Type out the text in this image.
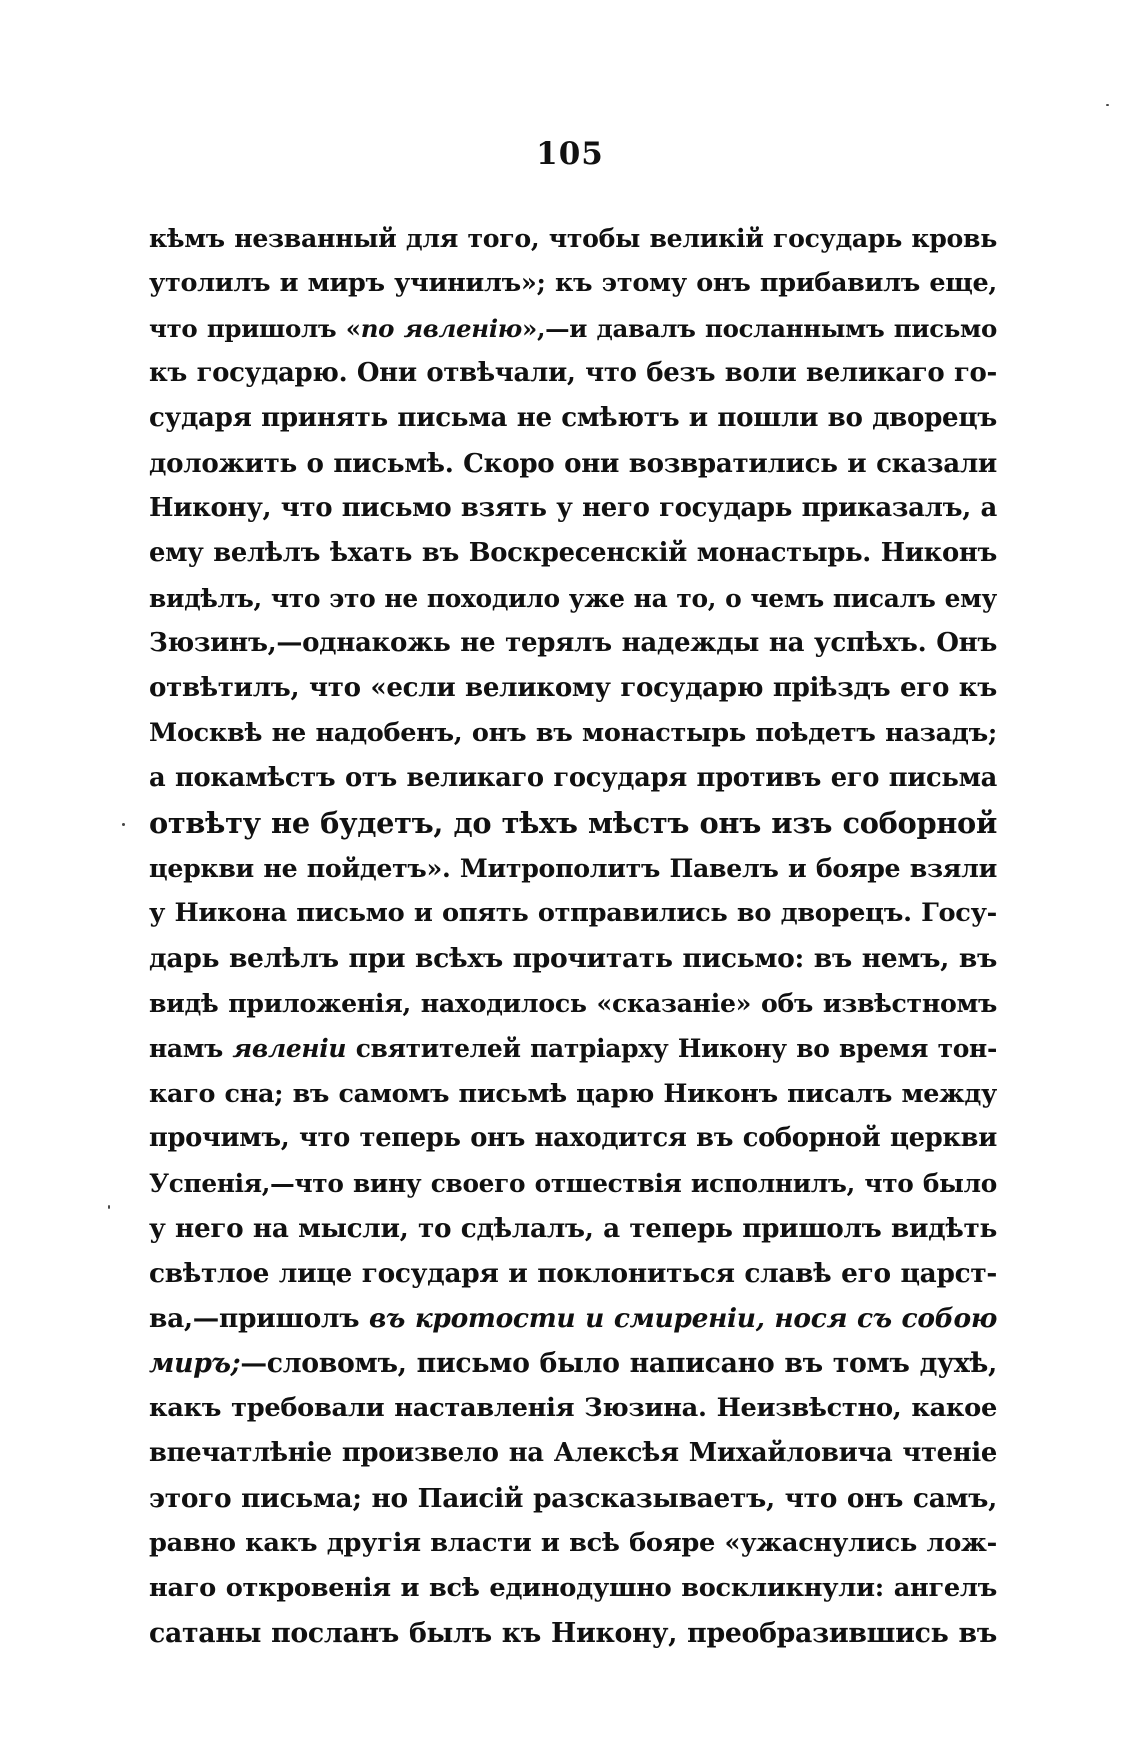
105
кѣмъ незванный для того, чтобы великій государь кровь
утолилъ и миръ учинилъ»; къ этому онъ прибавилъ еще,
что пришолъ «по явленію»,—и давалъ посланнымъ письмо
къ государю. Они отвѣчали, что безъ воли великаго го-
сударя принять письма не смѣютъ и пошли во дворецъ
доложить о письмѣ. Скоро они возвратились и сказали
Никону, что письмо взять у него государь приказалъ, а
ему велѣлъ ѣхать въ Воскресенскій монастырь. Никонъ
видѣлъ, что это не походило уже на то, о чемъ писалъ ему
Зюзинъ,—однакожь не терялъ надежды на успѣхъ. Онъ
отвѣтилъ, что «если великому государю пріѣздъ его къ
Москвѣ не надобенъ, онъ въ монастырь поѣдетъ назадъ;
а покамѣстъ отъ великаго государя противъ его письма
отвѣту не будетъ, до тѣхъ мѣстъ онъ изъ соборной
церкви не пойдетъ». Митрополитъ Павелъ и бояре взяли
у Никона письмо и опять отправились во дворецъ. Госу-
дарь велѣлъ при всѣхъ прочитать письмо: въ немъ, въ
видѣ приложенія, находилось «сказаніе» объ извѣстномъ
намъ явленіи святителей патріарху Никону во время тон-
каго сна; въ самомъ письмѣ царю Никонъ писалъ между
прочимъ, что теперь онъ находится въ соборной церкви
Успенія,—что вину своего отшествія исполнилъ, что было
у него на мысли, то сдѣлалъ, а теперь пришолъ видѣть
свѣтлое лице государя и поклониться славѣ его царст-
ва,—пришолъ въ кротости и смиреніи, нося съ собою
миръ;—словомъ, письмо было написано въ томъ духѣ,
какъ требовали наставленія Зюзина. Неизвѣстно, какое
впечатлѣніе произвело на Алексѣя Михайловича чтеніе
этого письма; но Паисій разсказываетъ, что онъ самъ,
равно какъ другія власти и всѣ бояре «ужаснулись лож-
наго откровенія и всѣ единодушно воскликнули: ангелъ
сатаны посланъ былъ къ Никону, преобразившись въ
